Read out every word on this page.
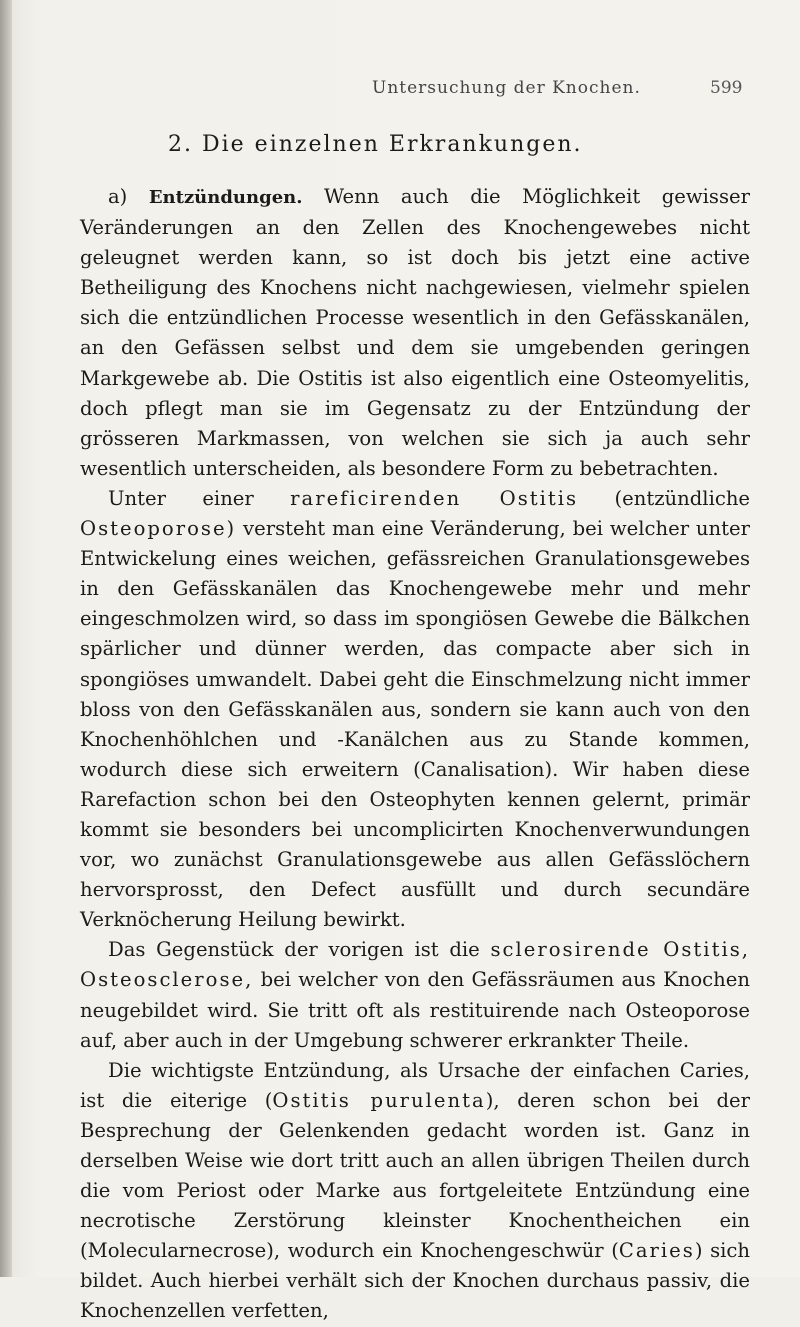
Untersuchung der Knochen.	599
2. Die einzelnen Erkrankungen.

a) Entzündungen. Wenn auch die Möglichkeit gewisser Veränderungen an den Zellen des Knochengewebes nicht geleugnet werden kann, so ist doch bis jetzt eine active Betheiligung des Knochens nicht nachgewiesen, vielmehr spielen sich die entzündlichen Processe wesentlich in den Gefässkanälen, an den Gefässen selbst und dem sie umgebenden geringen Markgewebe ab. Die Ostitis ist also eigentlich eine Osteomyelitis, doch pflegt man sie im Gegensatz zu der Entzündung der grösseren Markmassen, von welchen sie sich ja auch sehr wesentlich unterscheiden, als besondere Form zu bebetrachten.

Unter einer rareficirenden Ostitis (entzündliche Osteoporose) versteht man eine Veränderung, bei welcher unter Entwickelung eines weichen, gefässreichen Granulationsgewebes in den Gefässkanälen das Knochengewebe mehr und mehr eingeschmolzen wird, so dass im spongiösen Gewebe die Bälkchen spärlicher und dünner werden, das compacte aber sich in spongiöses umwandelt. Dabei geht die Einschmelzung nicht immer bloss von den Gefässkanälen aus, sondern sie kann auch von den Knochenhöhlchen und -Kanälchen aus zu Stande kommen, wodurch diese sich erweitern (Canalisation). Wir haben diese Rarefaction schon bei den Osteophyten kennen gelernt, primär kommt sie besonders bei uncomplicirten Knochenverwundungen vor, wo zunächst Granulationsgewebe aus allen Gefässlöchern hervorsprosst, den Defect ausfüllt und durch secundäre Verknöcherung Heilung bewirkt.

Das Gegenstück der vorigen ist die sclerosirende Ostitis, Osteosclerose, bei welcher von den Gefässräumen aus Knochen neugebildet wird. Sie tritt oft als restituirende nach Osteoporose auf, aber auch in der Umgebung schwerer erkrankter Theile.

Die wichtigste Entzündung, als Ursache der einfachen Caries, ist die eiterige (Ostitis purulenta), deren schon bei der Besprechung der Gelenkenden gedacht worden ist. Ganz in derselben Weise wie dort tritt auch an allen übrigen Theilen durch die vom Periost oder Marke aus fortgeleitete Entzündung eine necrotische Zerstörung kleinster Knochentheichen ein (Molecularnecrose), wodurch ein Knochengeschwür (Caries) sich bildet. Auch hierbei verhält sich der Knochen durchaus passiv, die Knochenzellen verfetten,
